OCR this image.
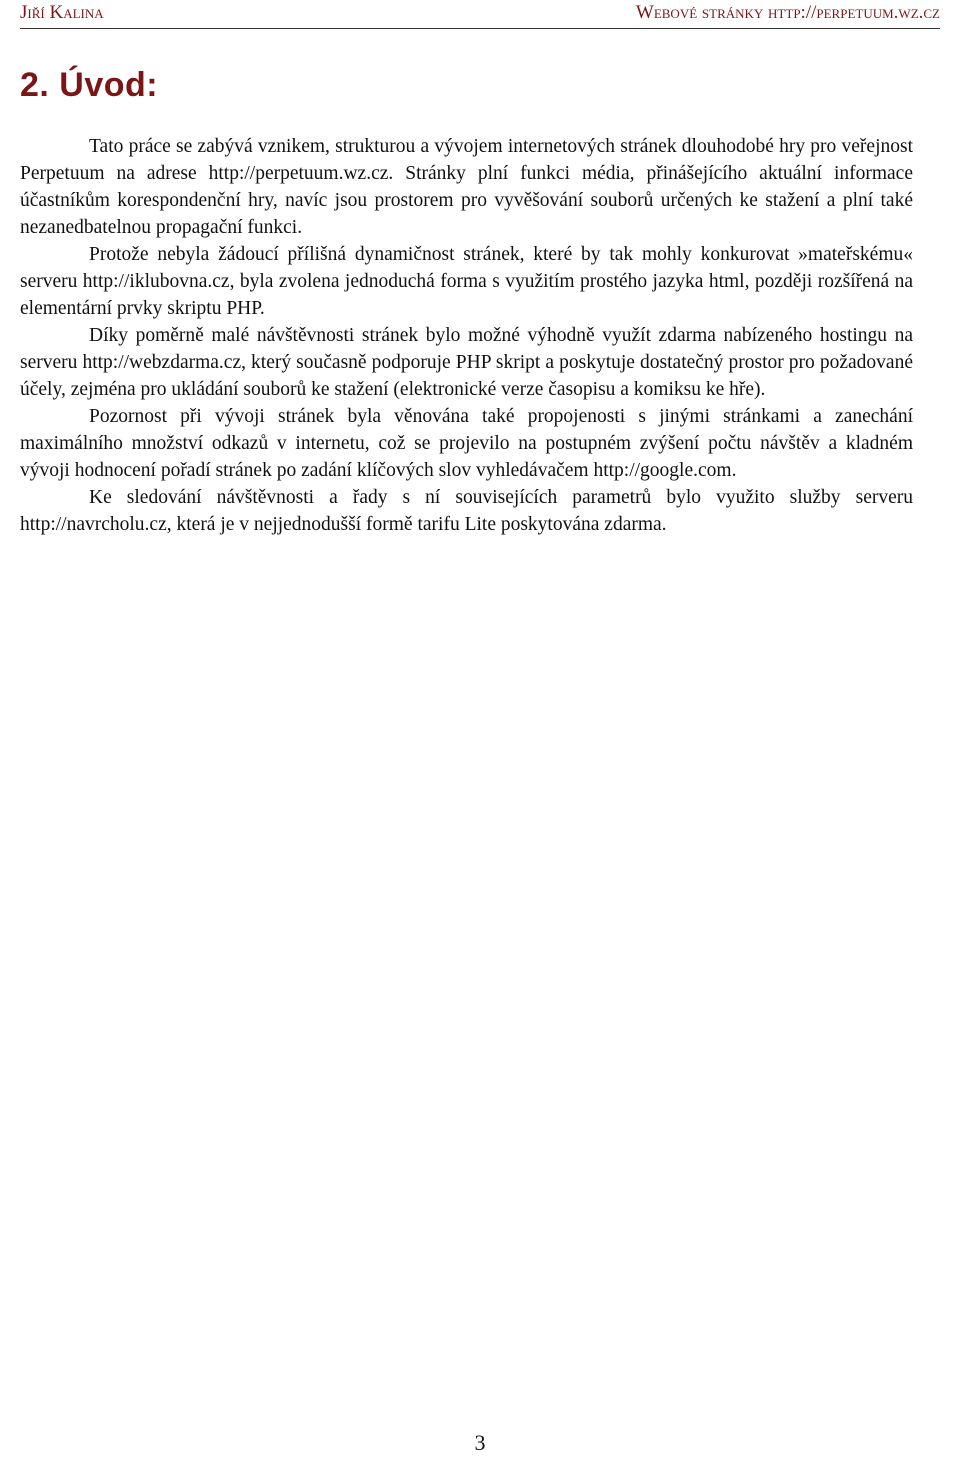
Jiří Kalina	Webové stránky http://perpetuum.wz.cz
2. Úvod:

Tato práce se zabývá vznikem, strukturou a vývojem internetových stránek dlouhodobé hry pro veřejnost Perpetuum na adrese http://perpetuum.wz.cz. Stránky plní funkci média, přinášejícího aktuální informace účastníkům korespondenční hry, navíc jsou prostorem pro vyvěšování souborů určených ke stažení a plní také nezanedbatelnou propagační funkci.

Protože nebyla žádoucí přílišná dynamičnost stránek, které by tak mohly konkurovat »mateřskému« serveru http://iklubovna.cz, byla zvolena jednoduchá forma s využitím prostého jazyka html, později rozšířená na elementární prvky skriptu PHP.

Díky poměrně malé návštěvnosti stránek bylo možné výhodně využít zdarma nabízeného hostingu na serveru http://webzdarma.cz, který současně podporuje PHP skript a poskytuje dostatečný prostor pro požadované účely, zejména pro ukládání souborů ke stažení (elektronické verze časopisu a komiksu ke hře).

Pozornost při vývoji stránek byla věnována také propojenosti s jinými stránkami a zanechání maximálního množství odkazů v internetu, což se projevilo na postupném zvýšení počtu návštěv a kladném vývoji hodnocení pořadí stránek po zadání klíčových slov vyhledávačem http://google.com.

Ke sledování návštěvnosti a řady s ní souvisejících parametrů bylo využito služby serveru http://navrcholu.cz, která je v nejjednodušší formě tarifu Lite poskytována zdarma.

3
